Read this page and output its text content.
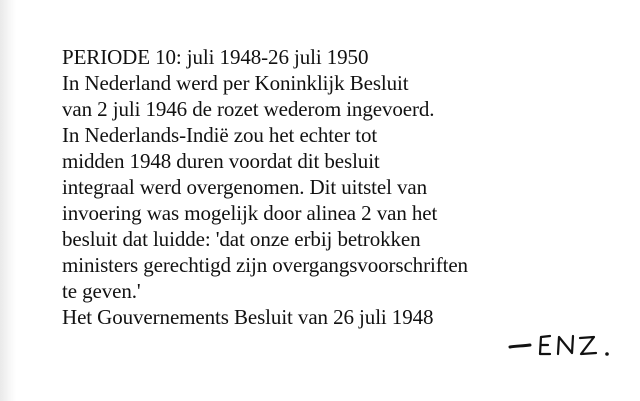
PERIODE 10: juli 1948-26 juli 1950
In Nederland werd per Koninklijk Besluit
van 2 juli 1946 de rozet wederom ingevoerd.
In Nederlands-Indië zou het echter tot
midden 1948 duren voordat dit besluit
integraal werd overgenomen. Dit uitstel van
invoering was mogelijk door alinea 2 van het
besluit dat luidde: 'dat onze erbij betrokken
ministers gerechtigd zijn overgangsvoorschriften
te geven.'
Het Gouvernements Besluit van 26 juli 1948
